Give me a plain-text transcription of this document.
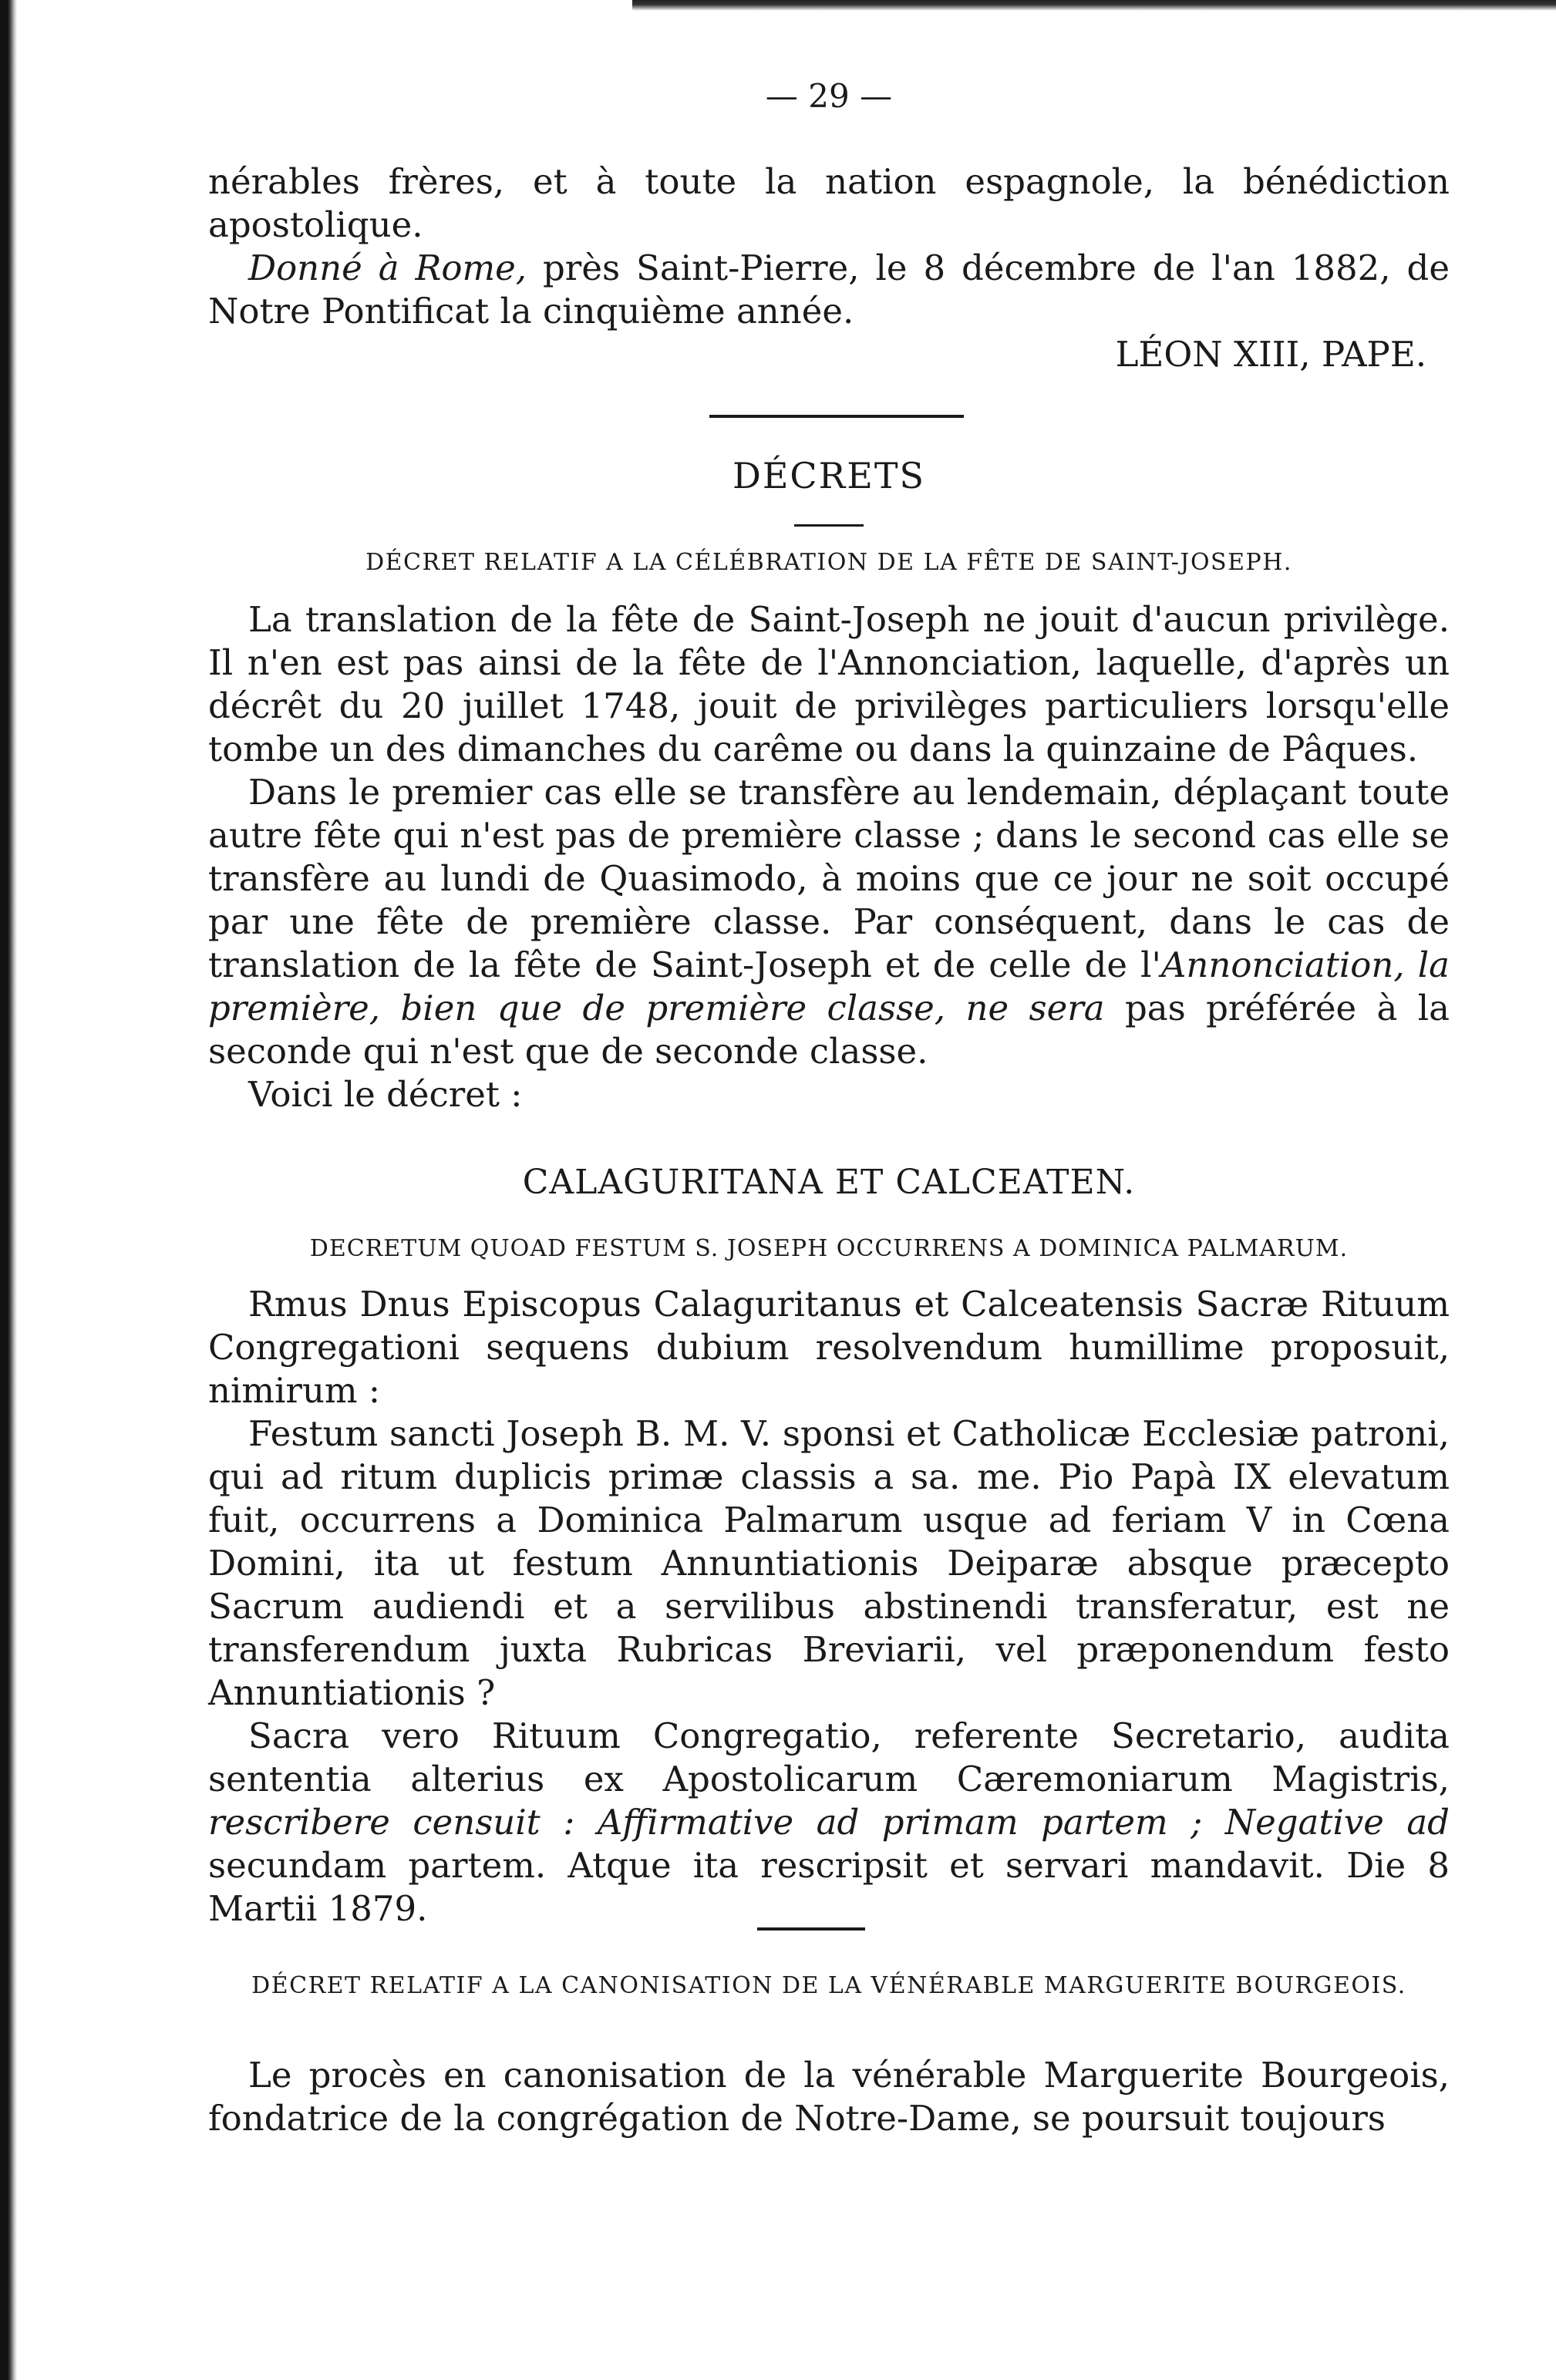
— 29 —

nérables frères, et à toute la nation espagnole, la bénédiction apostolique.

Donné à Rome, près Saint-Pierre, le 8 décembre de l'an 1882, de Notre Pontificat la cinquième année.

LÉON XIII, PAPE.
DÉCRETS
DÉCRET RELATIF A LA CÉLÉBRATION DE LA FÊTE DE SAINT-JOSEPH.

La translation de la fête de Saint-Joseph ne jouit d'aucun privilège. Il n'en est pas ainsi de la fête de l'Annonciation, laquelle, d'après un décrêt du 20 juillet 1748, jouit de privilèges particuliers lorsqu'elle tombe un des dimanches du carême ou dans la quinzaine de Pâques.

Dans le premier cas elle se transfère au lendemain, déplaçant toute autre fête qui n'est pas de première classe ; dans le second cas elle se transfère au lundi de Quasimodo, à moins que ce jour ne soit occupé par une fête de première classe. Par conséquent, dans le cas de translation de la fête de Saint-Joseph et de celle de l'Annonciation, la première, bien que de première classe, ne sera pas préférée à la seconde qui n'est que de seconde classe.

Voici le décret :

CALAGURITANA ET CALCEATEN.
DECRETUM QUOAD FESTUM S. JOSEPH OCCURRENS A DOMINICA PALMARUM.

Rmus Dnus Episcopus Calaguritanus et Calceatensis Sacræ Rituum Congregationi sequens dubium resolvendum humillime proposuit, nimirum :

Festum sancti Joseph B. M. V. sponsi et Catholicæ Ecclesiæ patroni, qui ad ritum duplicis primæ classis a sa. me. Pio Papà IX elevatum fuit, occurrens a Dominica Palmarum usque ad feriam V in Cœna Domini, ita ut festum Annuntiationis Deiparæ absque præcepto Sacrum audiendi et a servilibus abstinendi transferatur, est ne transferendum juxta Rubricas Breviarii, vel præponendum festo Annuntiationis ?

Sacra vero Rituum Congregatio, referente Secretario, audita sententia alterius ex Apostolicarum Cæremoniarum Magistris, rescribere censuit : Affirmative ad primam partem ; Negative ad secundam partem. Atque ita rescripsit et servari mandavit. Die 8 Martii 1879.

DÉCRET RELATIF A LA CANONISATION DE LA VÉNÉRABLE MARGUERITE BOURGEOIS.

Le procès en canonisation de la vénérable Marguerite Bourgeois, fondatrice de la congrégation de Notre-Dame, se poursuit toujours
